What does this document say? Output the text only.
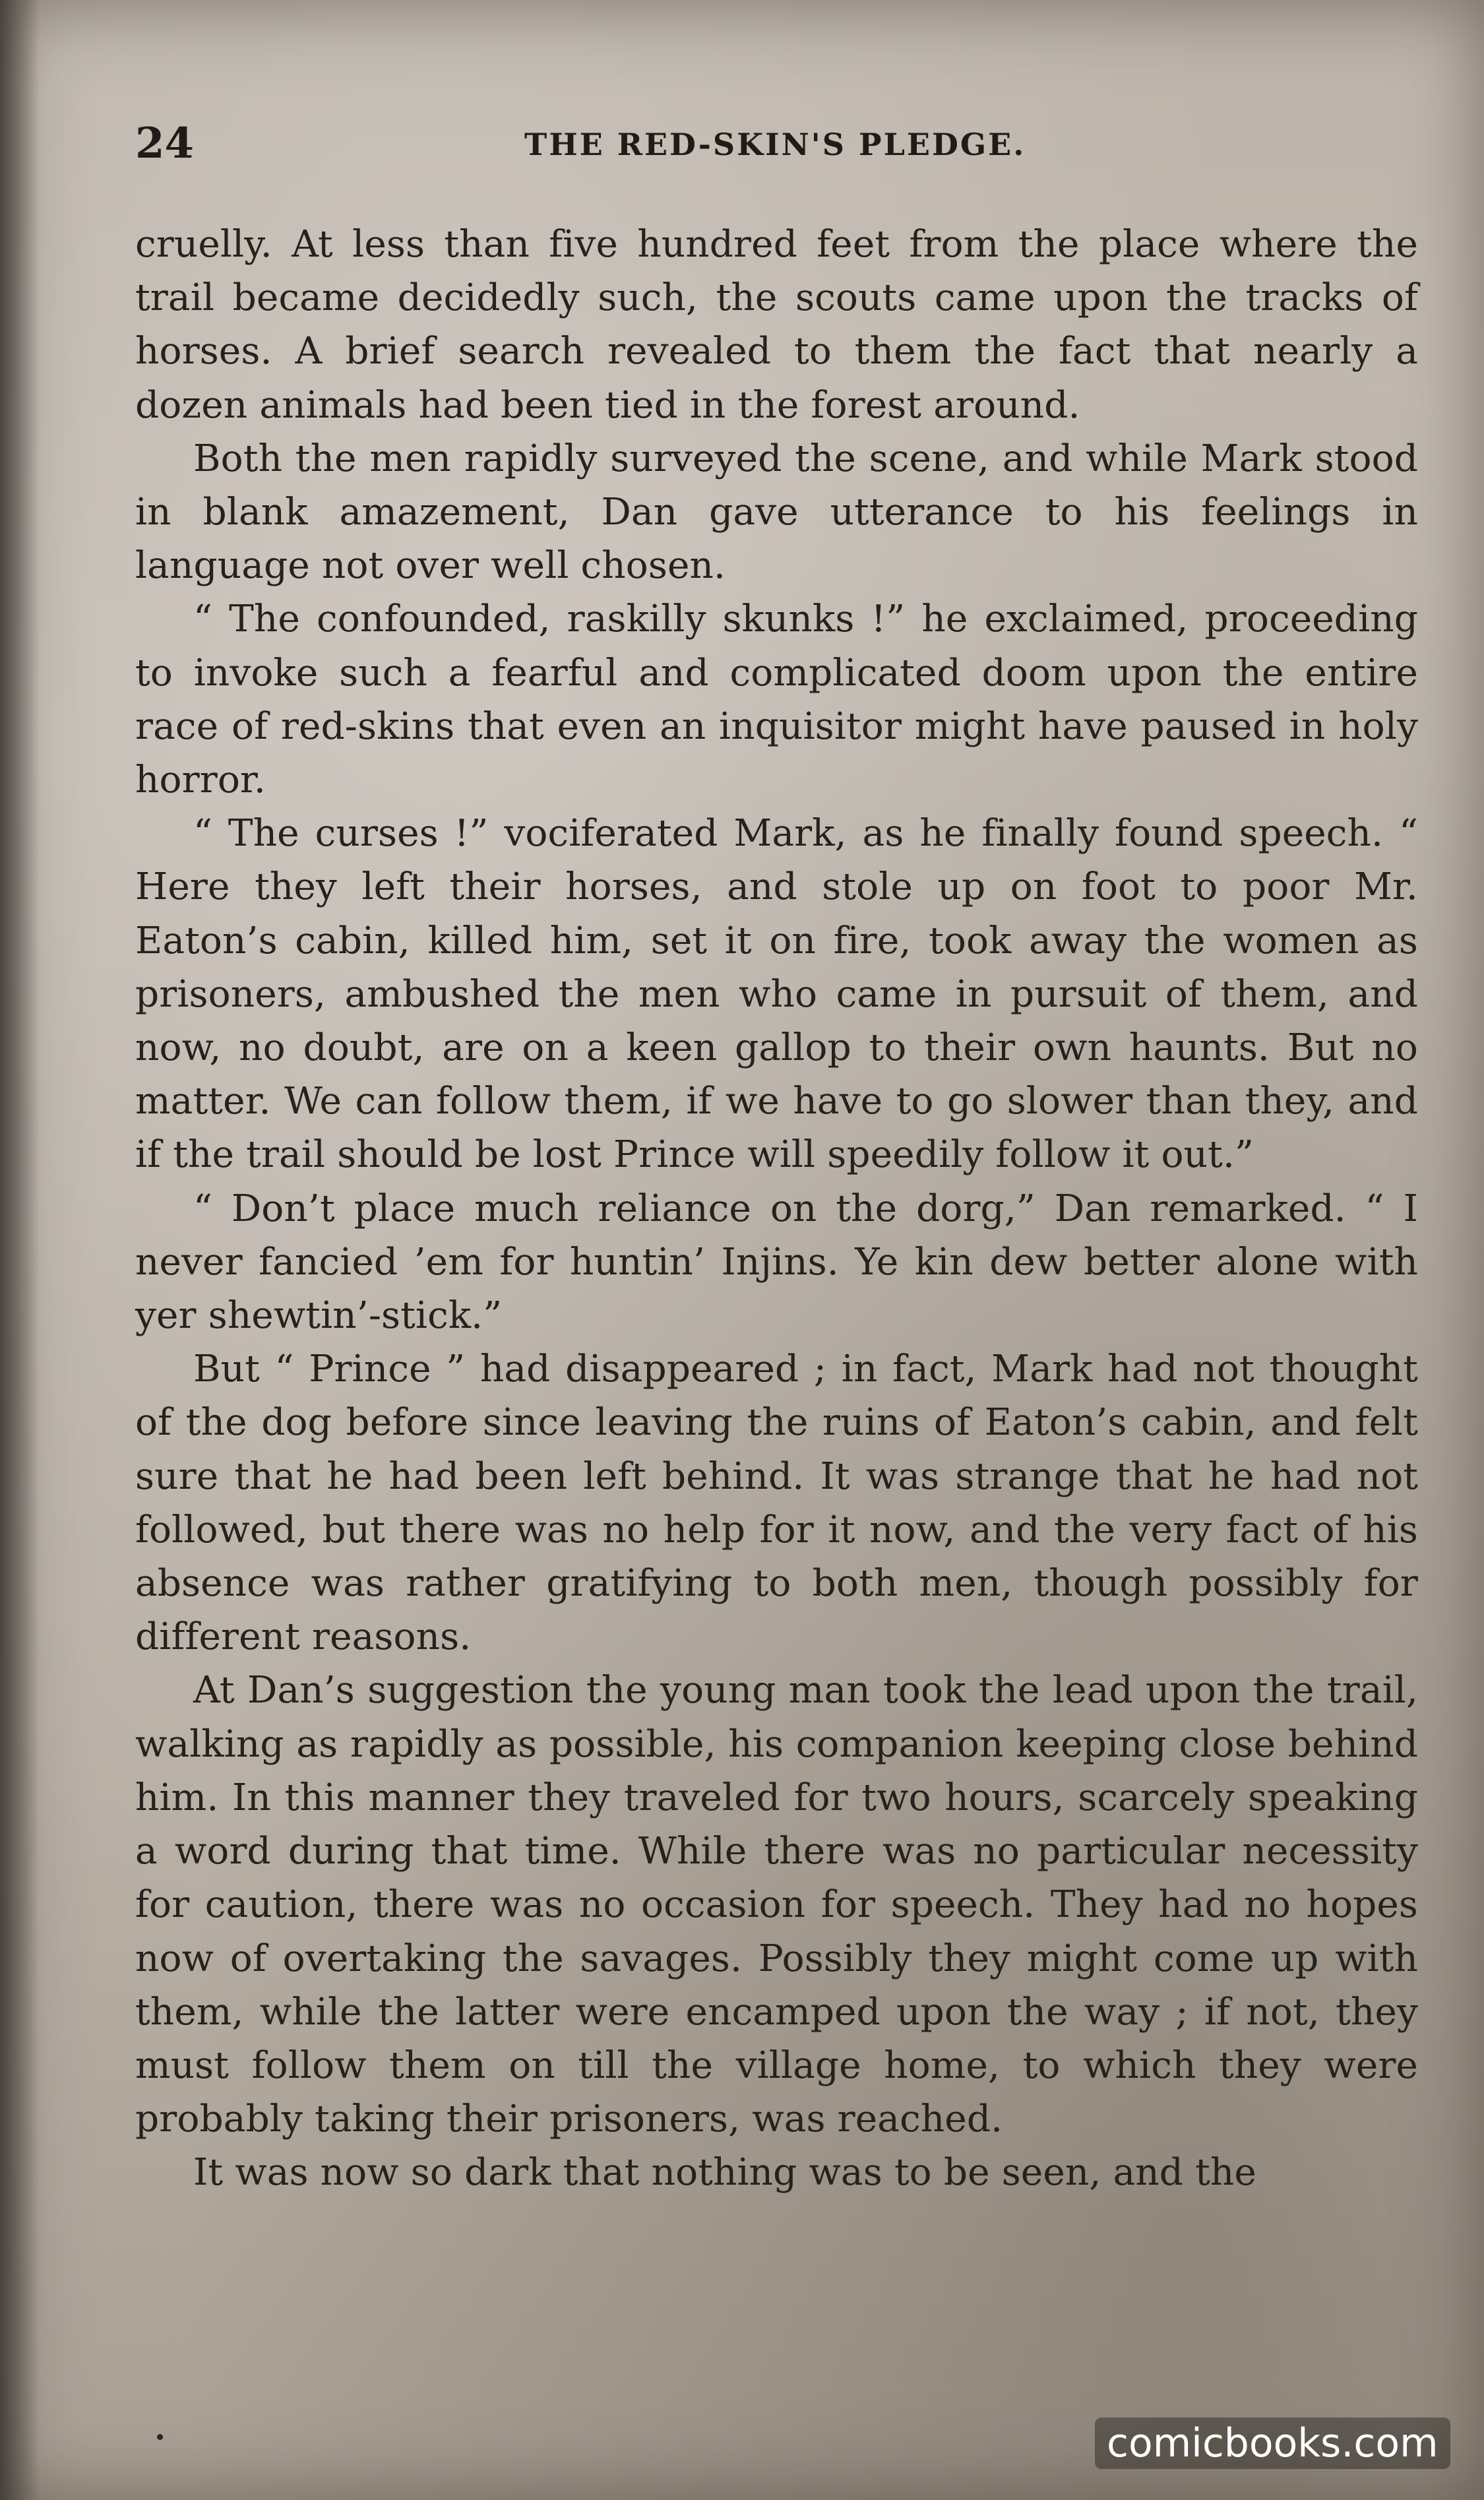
24	THE RED-SKIN'S PLEDGE.

cruelly. At less than five hundred feet from the place where the trail became decidedly such, the scouts came upon the tracks of horses. A brief search revealed to them the fact that nearly a dozen animals had been tied in the forest around.

Both the men rapidly surveyed the scene, and while Mark stood in blank amazement, Dan gave utterance to his feelings in language not over well chosen.

“ The confounded, raskilly skunks !” he exclaimed, proceeding to invoke such a fearful and complicated doom upon the entire race of red-skins that even an inquisitor might have paused in holy horror.

“ The curses !” vociferated Mark, as he finally found speech. “ Here they left their horses, and stole up on foot to poor Mr. Eaton’s cabin, killed him, set it on fire, took away the women as prisoners, ambushed the men who came in pursuit of them, and now, no doubt, are on a keen gallop to their own haunts. But no matter. We can follow them, if we have to go slower than they, and if the trail should be lost Prince will speedily follow it out.”

“ Don’t place much reliance on the dorg,” Dan remarked. “ I never fancied ’em for huntin’ Injins. Ye kin dew better alone with yer shewtin’-stick.”

But “ Prince ” had disappeared ; in fact, Mark had not thought of the dog before since leaving the ruins of Eaton’s cabin, and felt sure that he had been left behind. It was strange that he had not followed, but there was no help for it now, and the very fact of his absence was rather gratifying to both men, though possibly for different reasons.

At Dan’s suggestion the young man took the lead upon the trail, walking as rapidly as possible, his companion keeping close behind him. In this manner they traveled for two hours, scarcely speaking a word during that time. While there was no particular necessity for caution, there was no occasion for speech. They had no hopes now of overtaking the savages. Possibly they might come up with them, while the latter were encamped upon the way ; if not, they must follow them on till the village home, to which they were probably taking their prisoners, was reached.

It was now so dark that nothing was to be seen, and the

comicbooks.com
